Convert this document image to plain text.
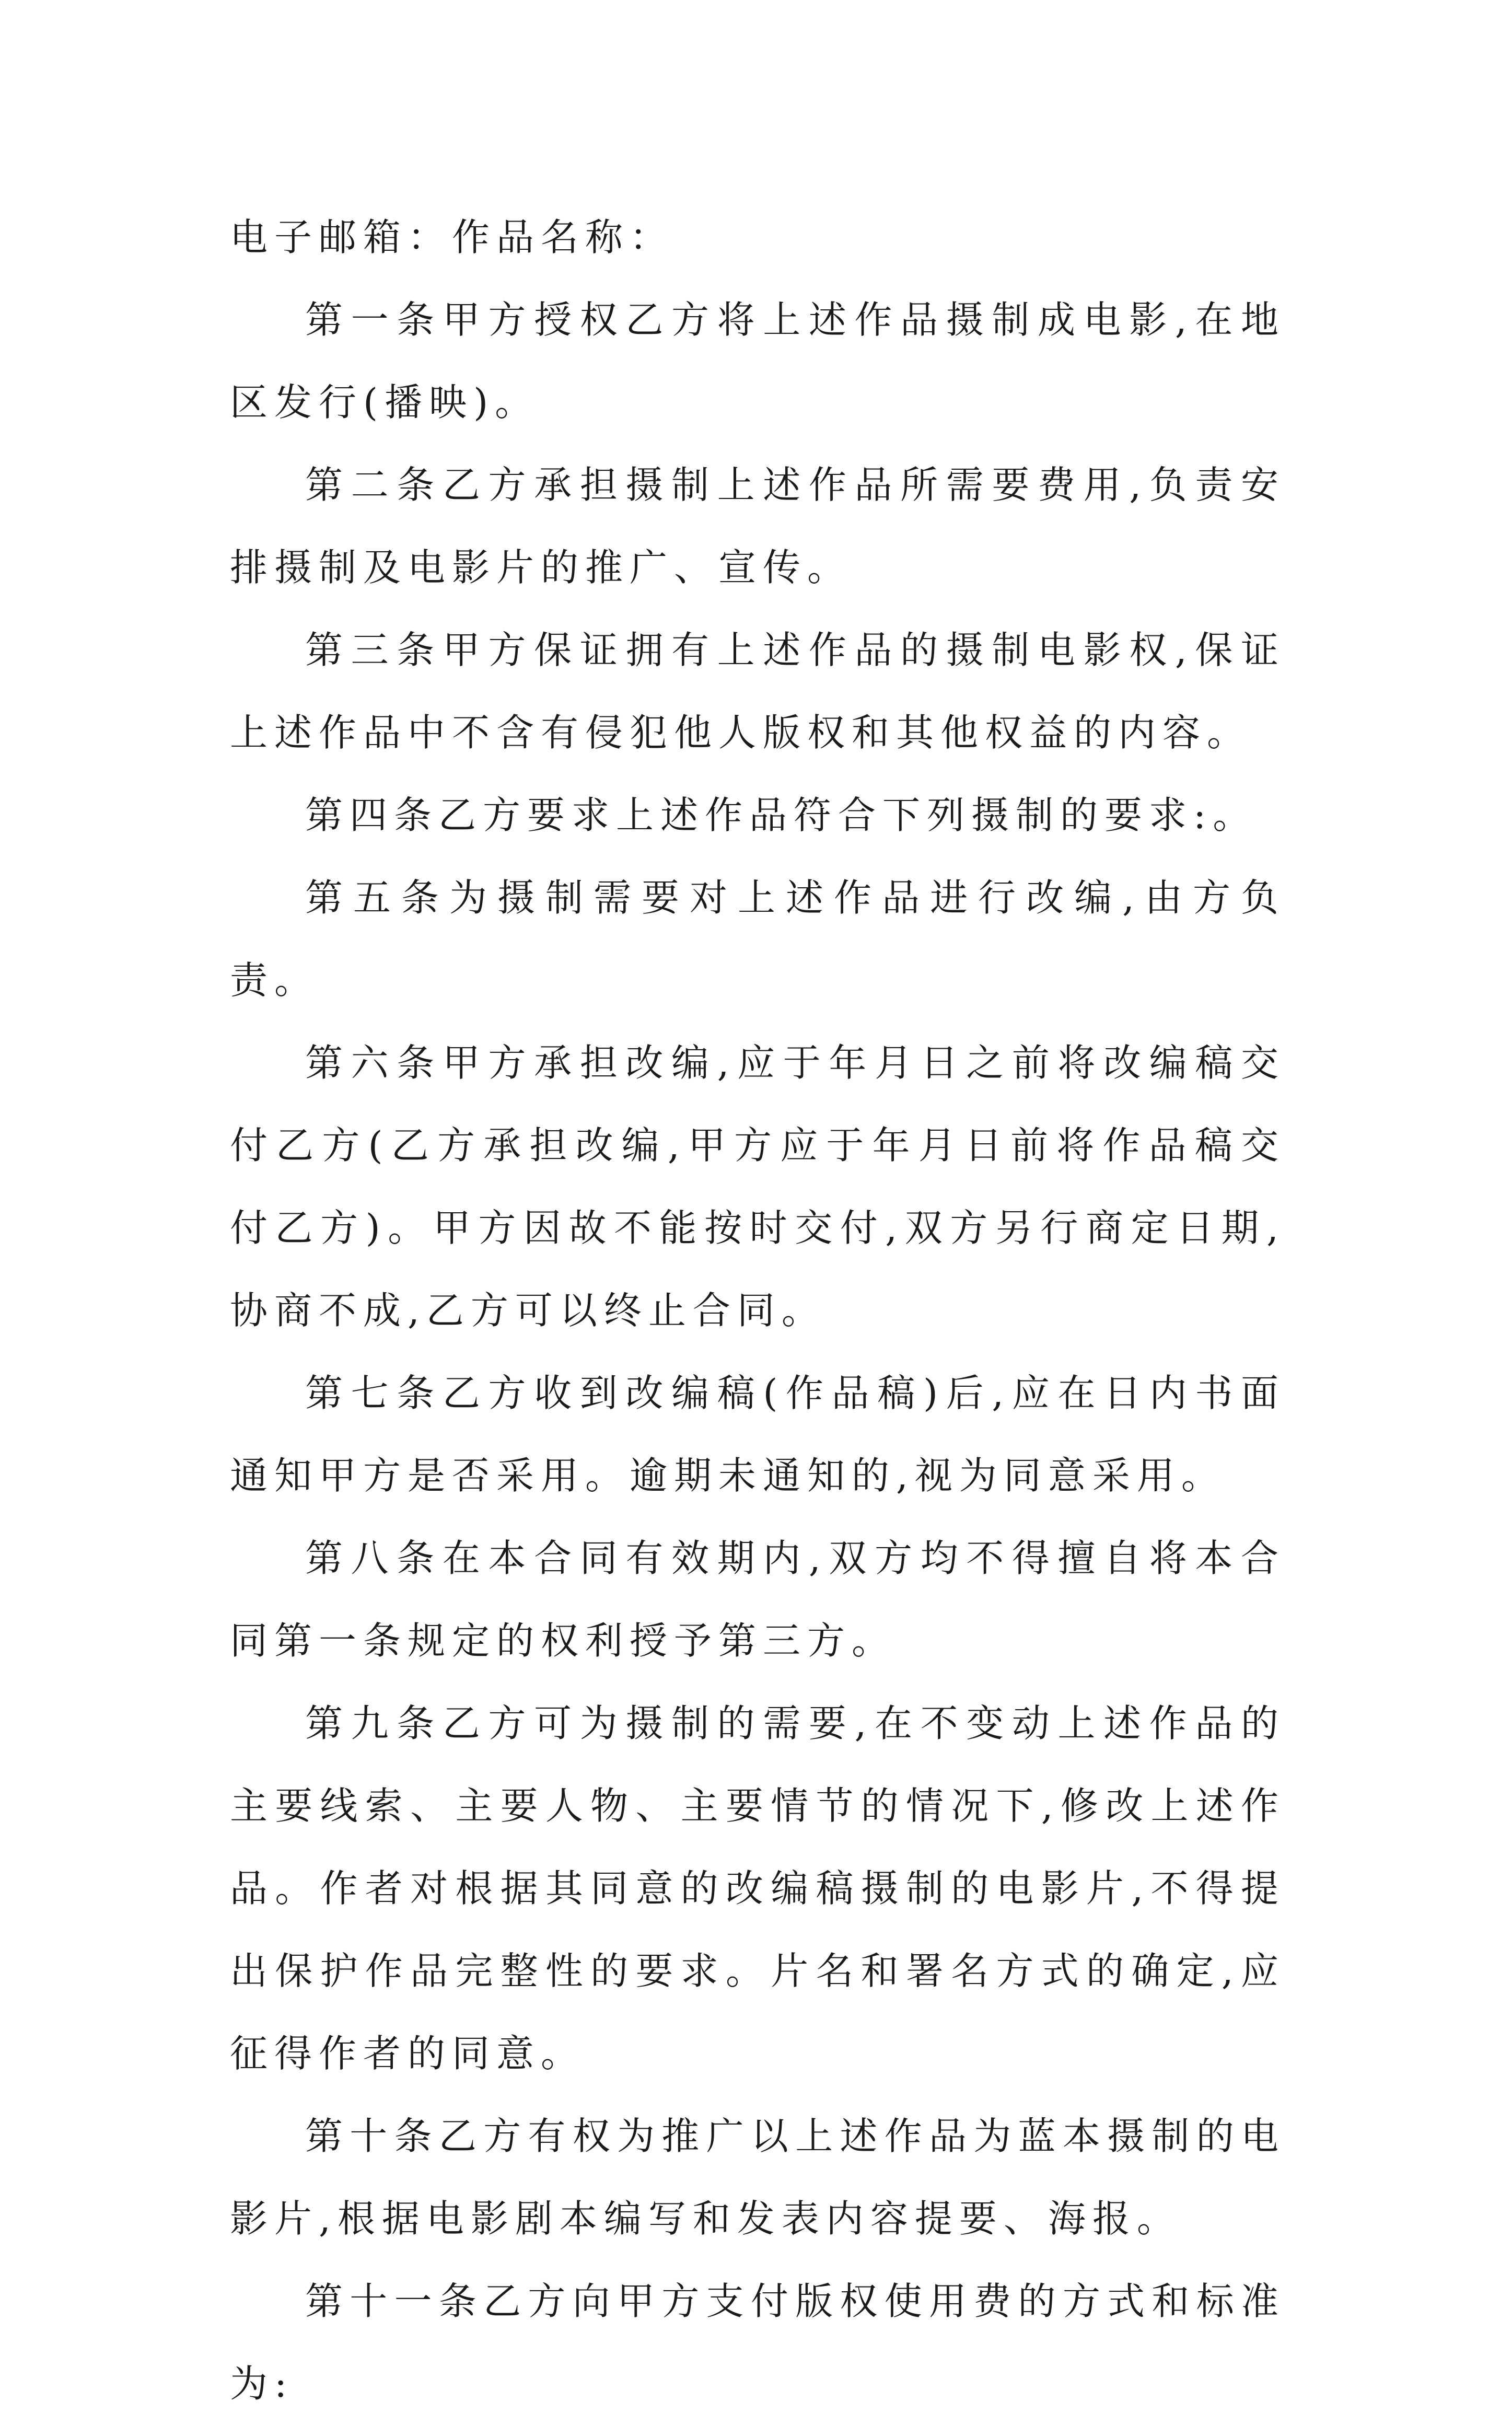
电子邮箱：作品名称：

第一条甲方授权乙方将上述作品摄制成电影,在地区发行(播映)。

第二条乙方承担摄制上述作品所需要费用,负责安排摄制及电影片的推广、宣传。

第三条甲方保证拥有上述作品的摄制电影权,保证上述作品中不含有侵犯他人版权和其他权益的内容。

第四条乙方要求上述作品符合下列摄制的要求:。

第五条为摄制需要对上述作品进行改编,由方负责。

第六条甲方承担改编,应于年月日之前将改编稿交付乙方(乙方承担改编,甲方应于年月日前将作品稿交付乙方)。甲方因故不能按时交付,双方另行商定日期,协商不成,乙方可以终止合同。

第七条乙方收到改编稿(作品稿)后,应在日内书面通知甲方是否采用。逾期未通知的,视为同意采用。

第八条在本合同有效期内,双方均不得擅自将本合同第一条规定的权利授予第三方。

第九条乙方可为摄制的需要,在不变动上述作品的主要线索、主要人物、主要情节的情况下,修改上述作品。作者对根据其同意的改编稿摄制的电影片,不得提出保护作品完整性的要求。片名和署名方式的确定,应征得作者的同意。

第十条乙方有权为推广以上述作品为蓝本摄制的电影片,根据电影剧本编写和发表内容提要、海报。

第十一条乙方向甲方支付版权使用费的方式和标准为:
